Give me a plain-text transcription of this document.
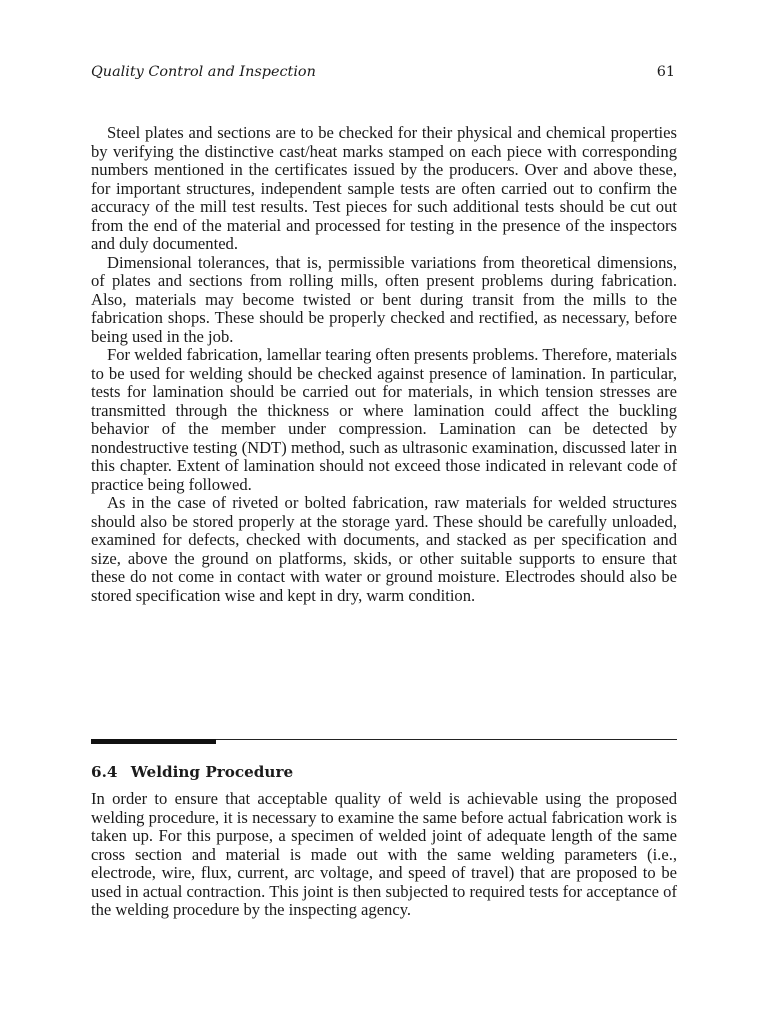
Quality Control and Inspection	61

Steel plates and sections are to be checked for their physical and chemical properties by verifying the distinctive cast/heat marks stamped on each piece with corresponding numbers mentioned in the certificates issued by the producers. Over and above these, for important structures, independent sample tests are often carried out to confirm the accuracy of the mill test results. Test pieces for such additional tests should be cut out from the end of the material and processed for testing in the presence of the inspectors and duly documented.

Dimensional tolerances, that is, permissible variations from theoretical dimensions, of plates and sections from rolling mills, often present problems during fabrication. Also, materials may become twisted or bent during transit from the mills to the fabrication shops. These should be properly checked and rectified, as necessary, before being used in the job.

For welded fabrication, lamellar tearing often presents problems. Therefore, materials to be used for welding should be checked against presence of lamination. In particular, tests for lamination should be carried out for materials, in which tension stresses are transmitted through the thickness or where lamination could affect the buckling behavior of the member under compression. Lamination can be detected by nondestructive testing (NDT) method, such as ultrasonic examination, discussed later in this chapter. Extent of lamination should not exceed those indicated in relevant code of practice being followed.

As in the case of riveted or bolted fabrication, raw materials for welded structures should also be stored properly at the storage yard. These should be carefully unloaded, examined for defects, checked with documents, and stacked as per specification and size, above the ground on platforms, skids, or other suitable supports to ensure that these do not come in contact with water or ground moisture. Electrodes should also be stored specification wise and kept in dry, warm condition.

6.4 Welding Procedure

In order to ensure that acceptable quality of weld is achievable using the proposed welding procedure, it is necessary to examine the same before actual fabrication work is taken up. For this purpose, a specimen of welded joint of adequate length of the same cross section and material is made out with the same welding parameters (i.e., electrode, wire, flux, current, arc voltage, and speed of travel) that are proposed to be used in actual contraction. This joint is then subjected to required tests for acceptance of the welding procedure by the inspecting agency.
